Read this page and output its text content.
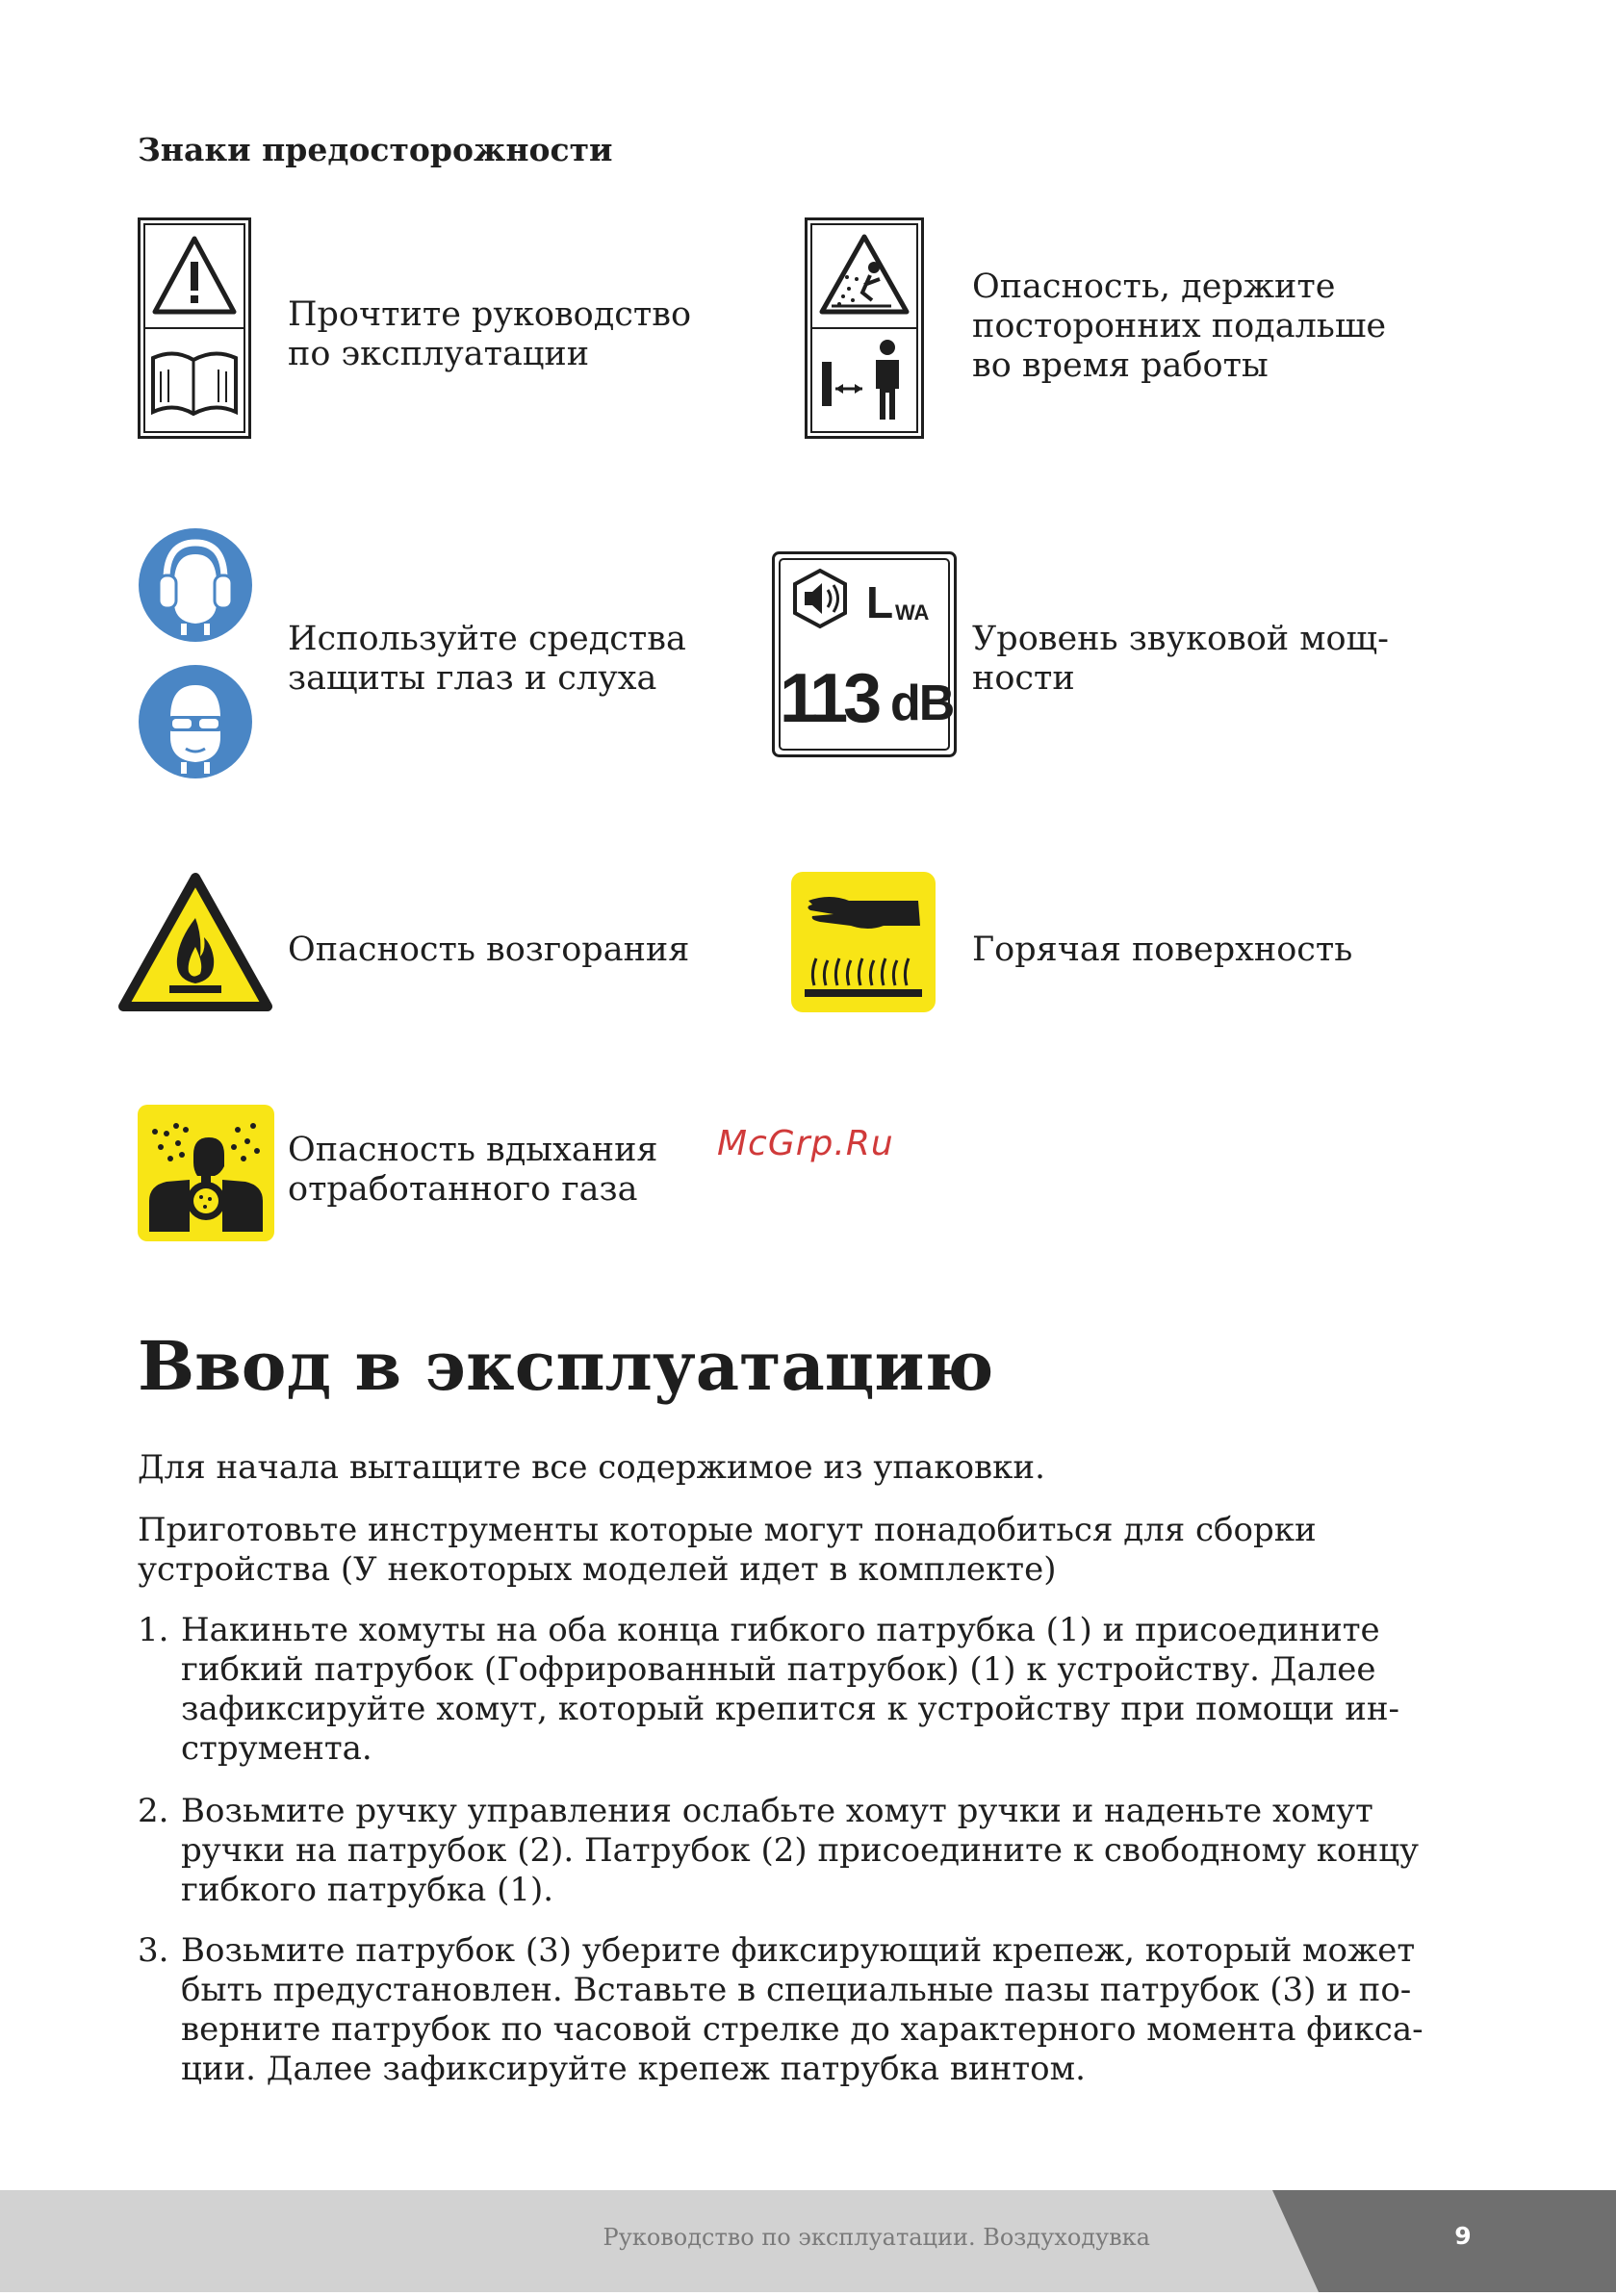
Знаки предосторожности
Прочтите руководство
по эксплуатации
Опасность, держите
посторонних подальше
во время работы
Используйте средства
защиты глаз и слуха
L WA
113 dB
Уровень звуковой мощ-
ности
Опасность возгорания	Горячая поверхность
Опасность вдыхания
отработанного газа
McGrp.Ru
Ввод в эксплуатацию
Для начала вытащите все содержимое из упаковки.
Приготовьте инструменты которые могут понадобиться для сборки
устройства (У некоторых моделей идет в комплекте)
1. Накиньте хомуты на оба конца гибкого патрубка (1) и присоедините
гибкий патрубок (Гофрированный патрубок) (1) к устройству. Далее
зафиксируйте хомут, который крепится к устройству при помощи ин-
струмента.
2. Возьмите ручку управления ослабьте хомут ручки и наденьте хомут
ручки на патрубок (2). Патрубок (2) присоедините к свободному концу
гибкого патрубка (1).
3. Возьмите патрубок (3) уберите фиксирующий крепеж, который может
быть предустановлен. Вставьте в специальные пазы патрубок (3) и по-
верните патрубок по часовой стрелке до характерного момента фикса-
ции. Далее зафиксируйте крепеж патрубка винтом.
Руководство по эксплуатации. Воздуходувка	9
